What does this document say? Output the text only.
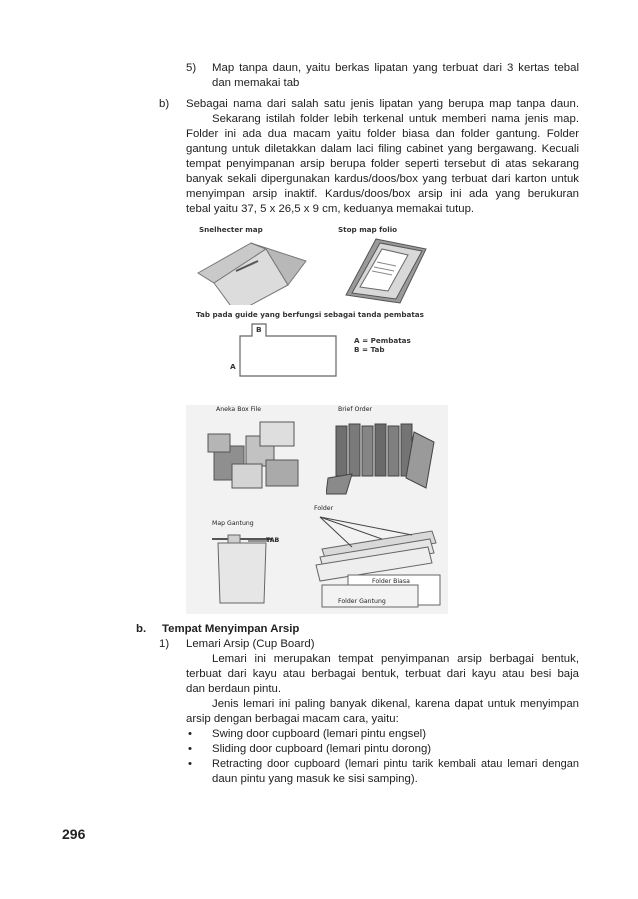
5) Map tanpa daun, yaitu berkas lipatan yang terbuat dari 3 kertas tebal
dan memakai tab
b) Sebagai nama dari salah satu jenis lipatan yang berupa map tanpa daun.
Sekarang istilah folder lebih terkenal untuk memberi nama jenis map.
Folder ini ada dua macam yaitu folder biasa dan folder gantung. Folder
gantung untuk diletakkan dalam laci filing cabinet yang bergawang. Kecuali
tempat penyimpanan arsip berupa folder seperti tersebut di atas sekarang
banyak sekali dipergunakan kardus/doos/box yang terbuat dari karton untuk
menyimpan arsip inaktif. Kardus/doos/box arsip ini ada yang berukuran
tebal yaitu 37, 5 x 26,5 x 9 cm, keduanya memakai tutup.
Snelhecter map	Stop map folio
Tab pada guide yang berfungsi sebagai tanda pembatas
B
A
A = Pembatas
B = Tab
Aneka Box File	Brief Order
Map Gantung
TAB
Folder
Folder Biasa
Folder Gantung
b. Tempat Menyimpan Arsip
1) Lemari Arsip (Cup Board)
Lemari ini merupakan tempat penyimpanan arsip berbagai bentuk,
terbuat dari kayu atau berbagai bentuk, terbuat dari kayu atau besi baja
dan berdaun pintu.
Jenis lemari ini paling banyak dikenal, karena dapat untuk menyimpan
arsip dengan berbagai macam cara, yaitu:
• Swing door cupboard (lemari pintu engsel)
• Sliding door cupboard (lemari pintu dorong)
• Retracting door cupboard (lemari pintu tarik kembali atau lemari dengan
daun pintu yang masuk ke sisi samping).
296
